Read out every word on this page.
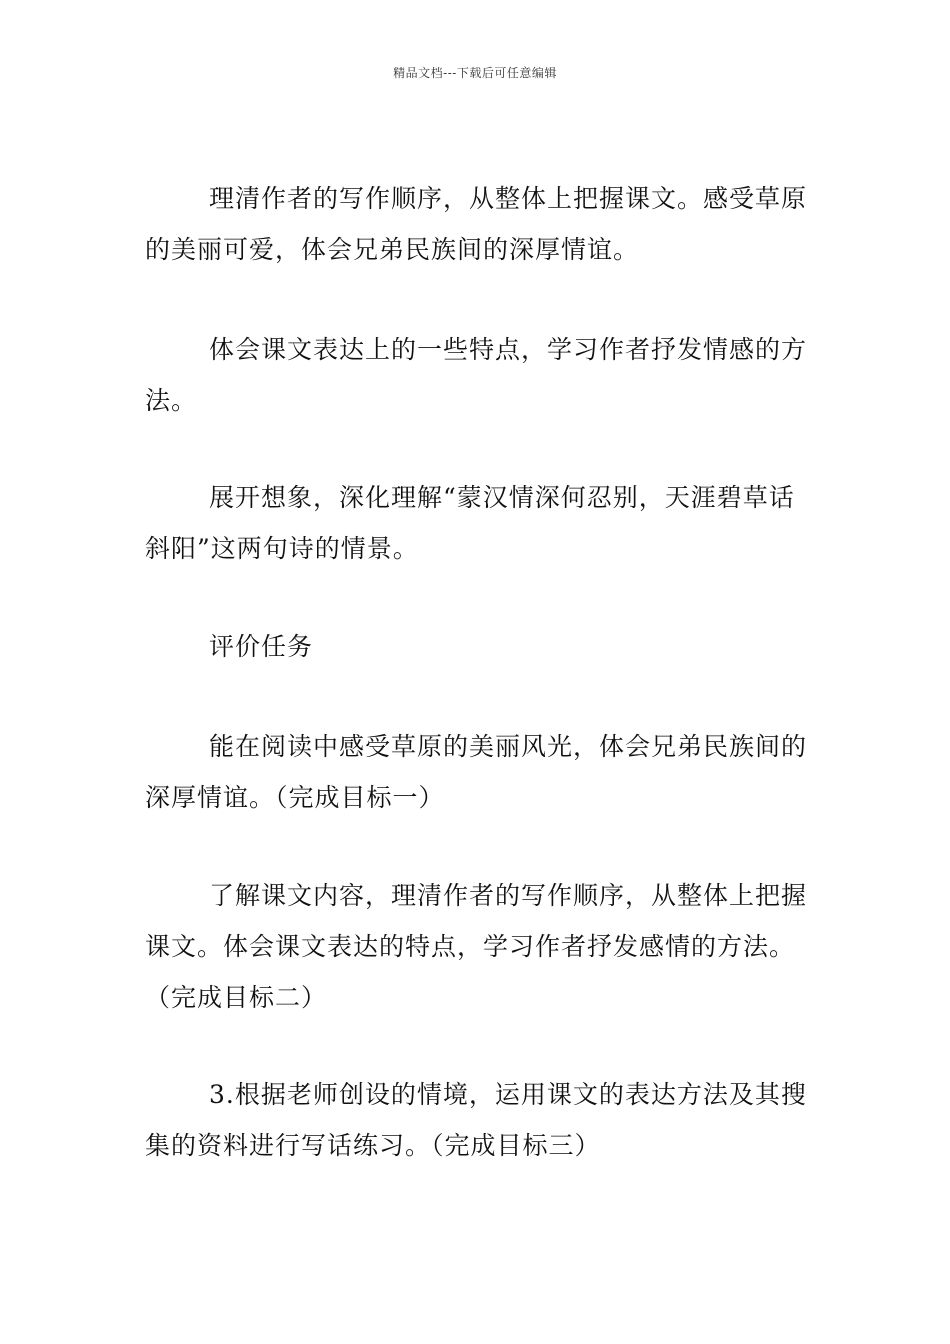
精品文档---下载后可任意编辑
理清作者的写作顺序，从整体上把握课文。感受草原
的美丽可爱，体会兄弟民族间的深厚情谊。
体会课文表达上的一些特点，学习作者抒发情感的方
法。
展开想象，深化理解“蒙汉情深何忍别，天涯碧草话
斜阳”这两句诗的情景。
评价任务
能在阅读中感受草原的美丽风光，体会兄弟民族间的
深厚情谊。（完成目标一）
了解课文内容，理清作者的写作顺序，从整体上把握
课文。体会课文表达的特点，学习作者抒发感情的方法。
（完成目标二）
3.根据老师创设的情境，运用课文的表达方法及其搜
集的资料进行写话练习。（完成目标三）
